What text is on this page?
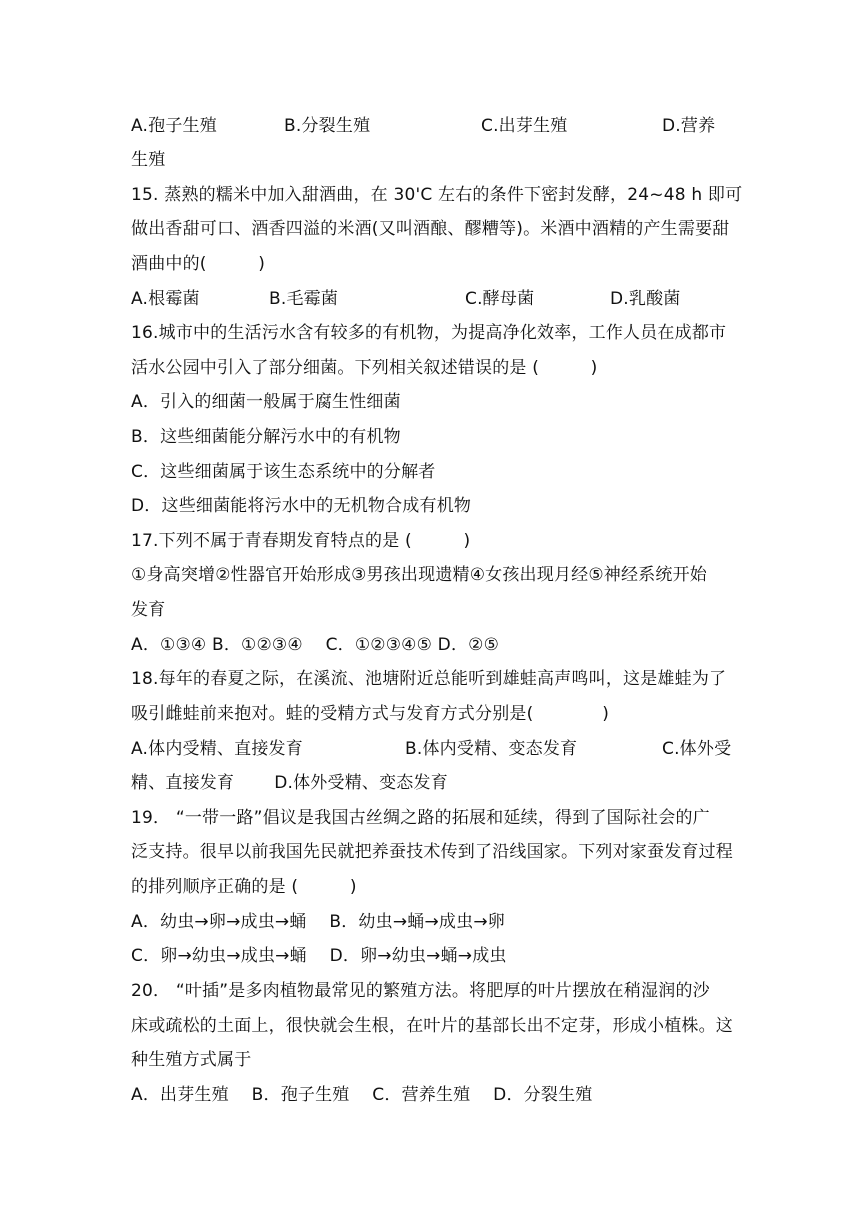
A.孢子生殖	B.分裂生殖	C.出芽生殖	D.营养
生殖
15. 蒸熟的糯米中加入甜酒曲，在 30'C 左右的条件下密封发酵，24~48 h 即可
做出香甜可口、酒香四溢的米酒(又叫酒酿、醪糟等)。米酒中酒精的产生需要甜
酒曲中的(　　　)
A.根霉菌	B.毛霉菌	C.酵母菌	D.乳酸菌
16.城市中的生活污水含有较多的有机物，为提高净化效率，工作人员在成都市
活水公园中引入了部分细菌。下列相关叙述错误的是 (　　　)
A．引入的细菌一般属于腐生性细菌
B．这些细菌能分解污水中的有机物
C．这些细菌属于该生态系统中的分解者
D．这些细菌能将污水中的无机物合成有机物
17.下列不属于青春期发育特点的是 (　　　)
①身高突增②性器官开始形成③男孩出现遗精④女孩出现月经⑤神经系统开始
发育
A．①③④ B．①②③④　 C．①②③④⑤ D．②⑤
18.每年的春夏之际，在溪流、池塘附近总能听到雄蛙高声鸣叫，这是雄蛙为了
吸引雌蛙前来抱对。蛙的受精方式与发育方式分别是(　　　　)
A.体内受精、直接发育	B.体内受精、变态发育	C.体外受
精、直接发育　　 D.体外受精、变态发育
19． “一带一路”倡议是我国古丝绸之路的拓展和延续，得到了国际社会的广
泛支持。很早以前我国先民就把养蚕技术传到了沿线国家。下列对家蚕发育过程
的排列顺序正确的是 (　　　)
A．幼虫→卵→成虫→蛹　 B．幼虫→蛹→成虫→卵
C．卵→幼虫→成虫→蛹　 D．卵→幼虫→蛹→成虫
20． “叶插”是多肉植物最常见的繁殖方法。将肥厚的叶片摆放在稍湿润的沙
床或疏松的土面上，很快就会生根，在叶片的基部长出不定芽，形成小植株。这
种生殖方式属于
A．出芽生殖　 B．孢子生殖　 C．营养生殖　 D．分裂生殖
